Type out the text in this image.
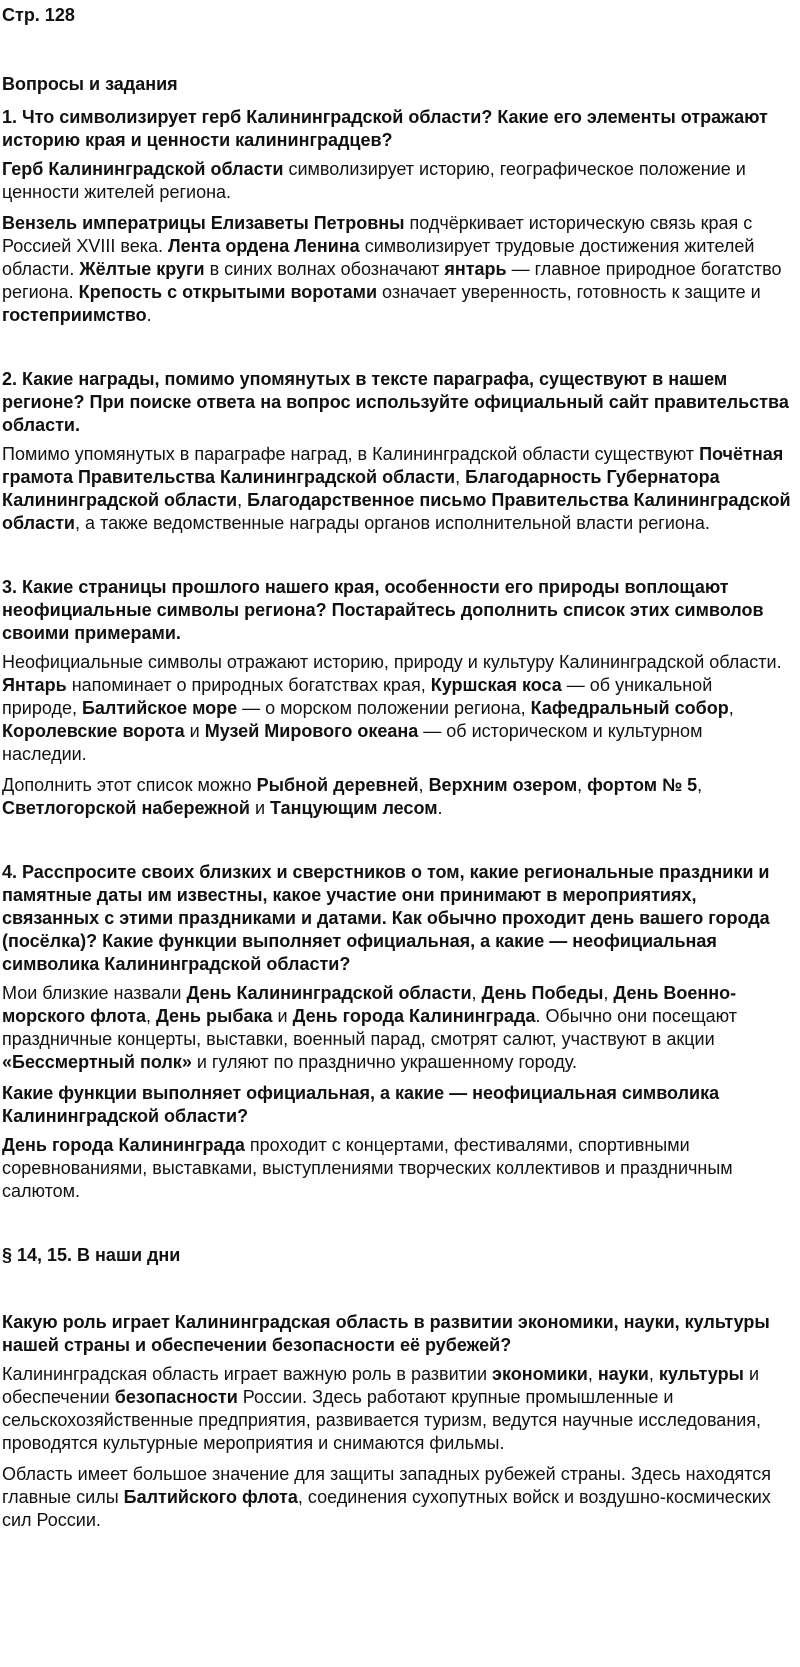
Стр. 128
Вопросы и задания
1. Что символизирует герб Калининградской области? Какие его элементы отражают историю края и ценности калининградцев?
Герб Калининградской области символизирует историю, географическое положение и ценности жителей региона.
Вензель императрицы Елизаветы Петровны подчёркивает историческую связь края с Россией XVIII века. Лента ордена Ленина символизирует трудовые достижения жителей области. Жёлтые круги в синих волнах обозначают янтарь — главное природное богатство региона. Крепость с открытыми воротами означает уверенность, готовность к защите и гостеприимство.
2. Какие награды, помимо упомянутых в тексте параграфа, существуют в нашем регионе? При поиске ответа на вопрос используйте официальный сайт правительства области.
Помимо упомянутых в параграфе наград, в Калининградской области существуют Почётная грамота Правительства Калининградской области, Благодарность Губернатора Калининградской области, Благодарственное письмо Правительства Калининградской области, а также ведомственные награды органов исполнительной власти региона.
3. Какие страницы прошлого нашего края, особенности его природы воплощают неофициальные символы региона? Постарайтесь дополнить список этих символов своими примерами.
Неофициальные символы отражают историю, природу и культуру Калининградской области. Янтарь напоминает о природных богатствах края, Куршская коса — об уникальной природе, Балтийское море — о морском положении региона, Кафедральный собор, Королевские ворота и Музей Мирового океана — об историческом и культурном наследии.
Дополнить этот список можно Рыбной деревней, Верхним озером, фортом № 5, Светлогорской набережной и Танцующим лесом.
4. Расспросите своих близких и сверстников о том, какие региональные праздники и памятные даты им известны, какое участие они принимают в мероприятиях, связанных с этими праздниками и датами. Как обычно проходит день вашего города (посёлка)? Какие функции выполняет официальная, а какие — неофициальная символика Калининградской области?
Мои близкие назвали День Калининградской области, День Победы, День Военно-морского флота, День рыбака и День города Калининграда. Обычно они посещают праздничные концерты, выставки, военный парад, смотрят салют, участвуют в акции «Бессмертный полк» и гуляют по празднично украшенному городу.
Какие функции выполняет официальная, а какие — неофициальная символика Калининградской области?
День города Калининграда проходит с концертами, фестивалями, спортивными соревнованиями, выставками, выступлениями творческих коллективов и праздничным салютом.
§ 14, 15. В наши дни
Какую роль играет Калининградская область в развитии экономики, науки, культуры нашей страны и обеспечении безопасности её рубежей?
Калининградская область играет важную роль в развитии экономики, науки, культуры и обеспечении безопасности России. Здесь работают крупные промышленные и сельскохозяйственные предприятия, развивается туризм, ведутся научные исследования, проводятся культурные мероприятия и снимаются фильмы.
Область имеет большое значение для защиты западных рубежей страны. Здесь находятся главные силы Балтийского флота, соединения сухопутных войск и воздушно-космических сил России.
